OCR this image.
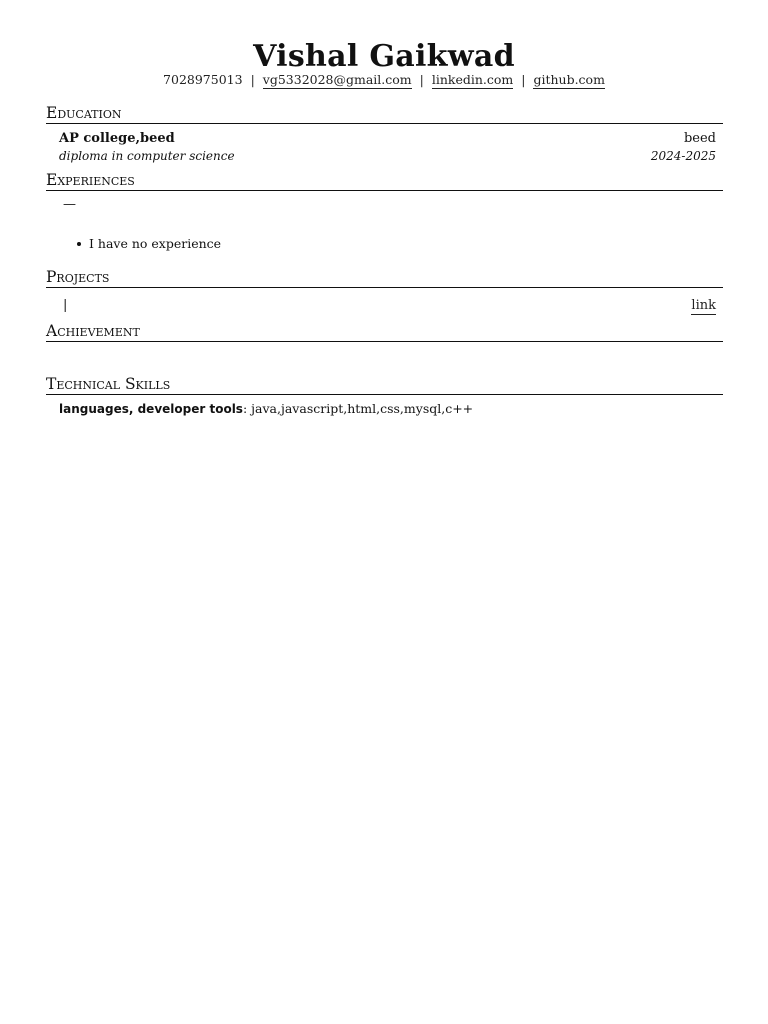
Vishal Gaikwad
7028975013 | vg5332028@gmail.com | linkedin.com | github.com
Education
AP college,beed	beed
diploma in computer science	2024-2025
Experiences
—
I have no experience
Projects
|	link
Achievement
Technical Skills
languages, developer tools: java,javascript,html,css,mysql,c++
